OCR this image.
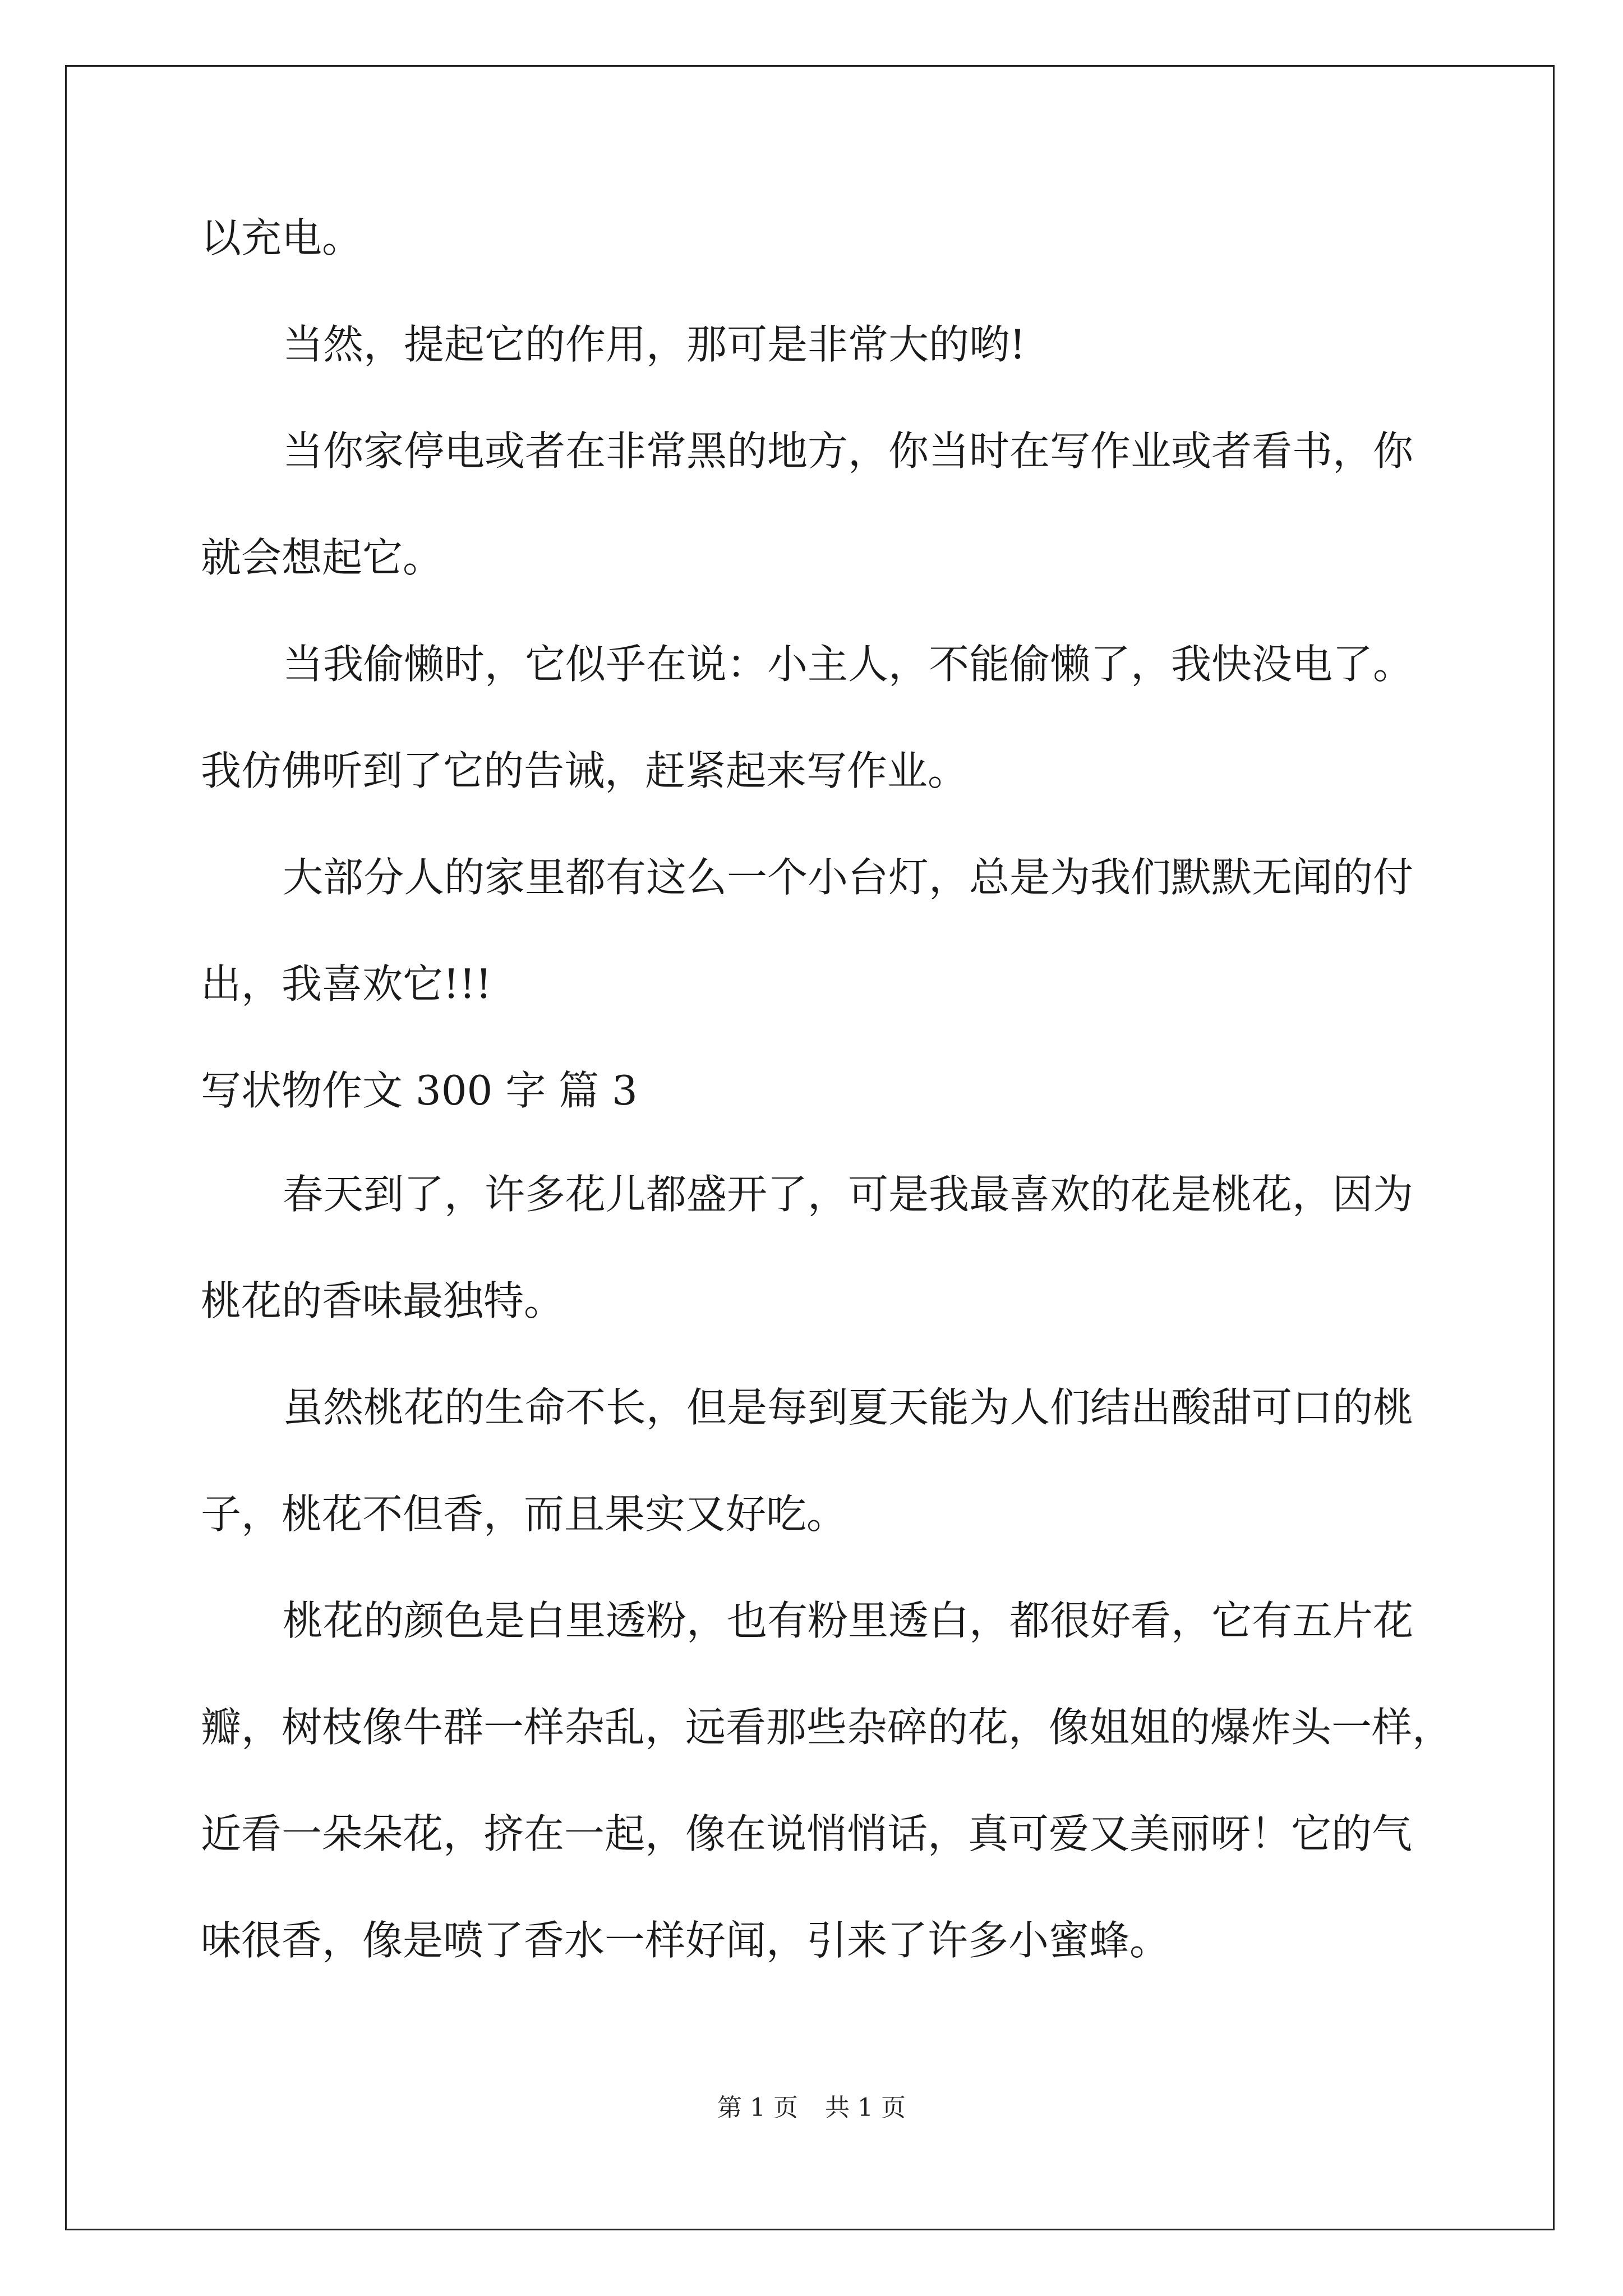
以充电。
当然，提起它的作用，那可是非常大的哟!
当你家停电或者在非常黑的地方，你当时在写作业或者看书，你
就会想起它。
当我偷懒时，它似乎在说：小主人，不能偷懒了，我快没电了。
我仿佛听到了它的告诫，赶紧起来写作业。
大部分人的家里都有这么一个小台灯，总是为我们默默无闻的付
出，我喜欢它!!!
写状物作文 300 字 篇 3
春天到了，许多花儿都盛开了，可是我最喜欢的花是桃花，因为
桃花的香味最独特。
虽然桃花的生命不长，但是每到夏天能为人们结出酸甜可口的桃
子，桃花不但香，而且果实又好吃。
桃花的颜色是白里透粉，也有粉里透白，都很好看，它有五片花
瓣，树枝像牛群一样杂乱，远看那些杂碎的花，像姐姐的爆炸头一样，
近看一朵朵花，挤在一起，像在说悄悄话，真可爱又美丽呀！它的气
味很香，像是喷了香水一样好闻，引来了许多小蜜蜂。
第 1 页 共 1 页
